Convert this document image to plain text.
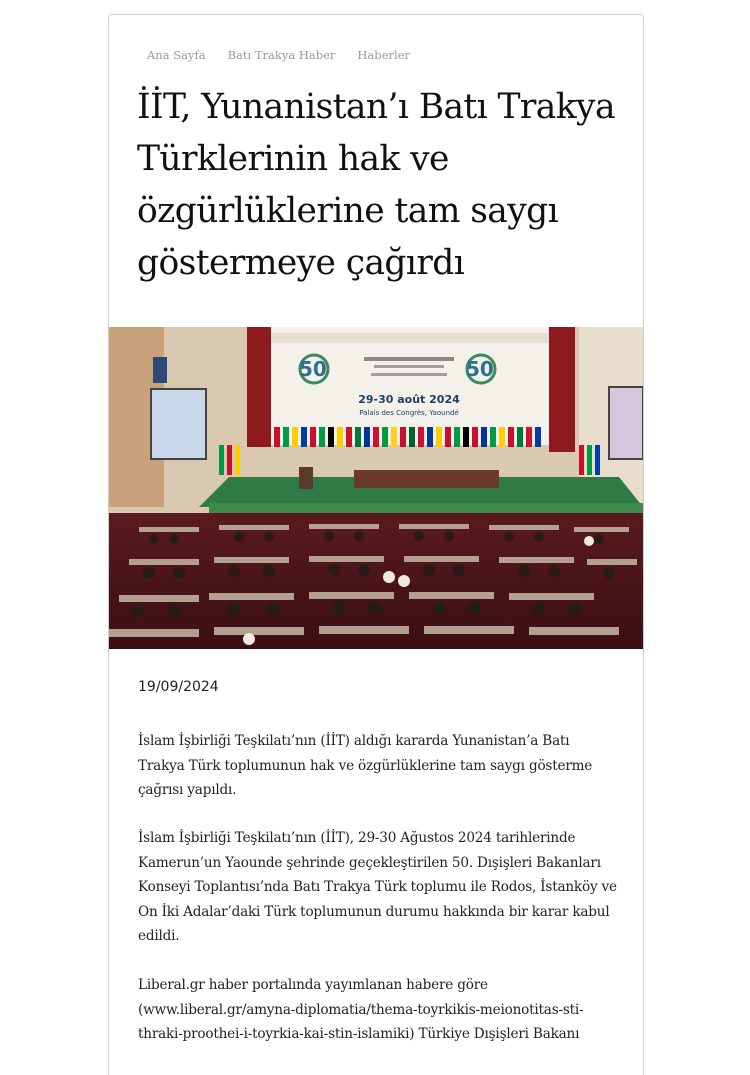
Ana Sayfa Batı Trakya Haber Haberler
İİT, Yunanistan’ı Batı Trakya Türklerinin hak ve özgürlüklerine tam saygı göstermeye çağırdı
50	50
29-30 août 2024
Palais des Congrès, Yaoundé
19/09/2024

İslam İşbirliği Teşkilatı’nın (İİT) aldığı kararda Yunanistan’a Batı Trakya Türk toplumunun hak ve özgürlüklerine tam saygı gösterme çağrısı yapıldı.

İslam İşbirliği Teşkilatı’nın (İİT), 29-30 Ağustos 2024 tarihlerinde Kamerun’un Yaounde şehrinde geçekleştirilen 50. Dışişleri Bakanları Konseyi Toplantısı’nda Batı Trakya Türk toplumu ile Rodos, İstanköy ve On İki Adalar’daki Türk toplumunun durumu hakkında bir karar kabul edildi.

Liberal.gr haber portalında yayımlanan habere göre (www.liberal.gr/amyna-diplomatia/thema-toyrkikis-meionotitas-sti-thraki-proothei-i-toyrkia-kai-stin-islamiki) Türkiye Dışişleri Bakanı
